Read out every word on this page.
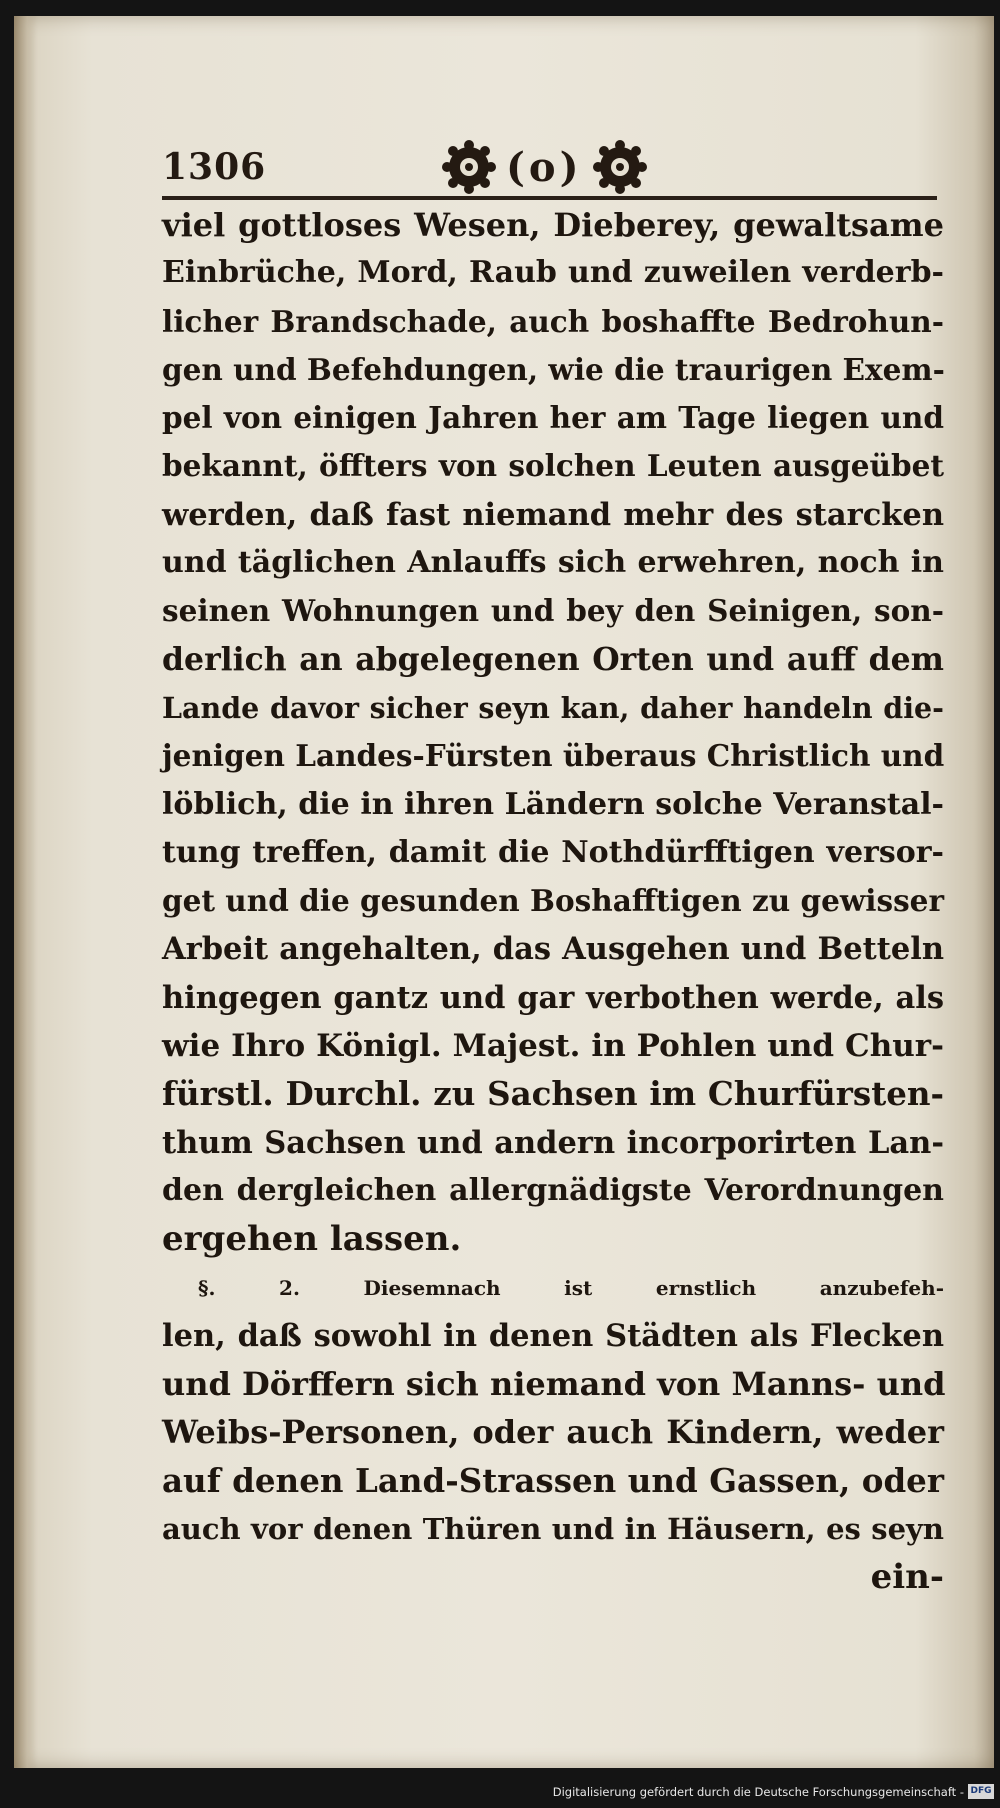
1306	(o)
viel gottloses Wesen, Dieberey, gewaltsame
Einbrüche, Mord, Raub und zuweilen verderb-
licher Brandschade, auch boshaffte Bedrohun-
gen und Befehdungen, wie die traurigen Exem-
pel von einigen Jahren her am Tage liegen und
bekannt, öffters von solchen Leuten ausgeübet
werden, daß fast niemand mehr des starcken
und täglichen Anlauffs sich erwehren, noch in
seinen Wohnungen und bey den Seinigen, son-
derlich an abgelegenen Orten und auff dem
Lande davor sicher seyn kan, daher handeln die-
jenigen Landes-Fürsten überaus Christlich und
löblich, die in ihren Ländern solche Veranstal-
tung treffen, damit die Nothdürfftigen versor-
get und die gesunden Boshafftigen zu gewisser
Arbeit angehalten, das Ausgehen und Betteln
hingegen gantz und gar verbothen werde, als
wie Ihro Königl. Majest. in Pohlen und Chur-
fürstl. Durchl. zu Sachsen im Churfürsten-
thum Sachsen und andern incorporirten Lan-
den dergleichen allergnädigste Verordnungen
ergehen lassen.
§. 2. Diesemnach ist ernstlich anzubefeh-
len, daß sowohl in denen Städten als Flecken
und Dörffern sich niemand von Manns- und
Weibs-Personen, oder auch Kindern, weder
auf denen Land-Strassen und Gassen, oder
auch vor denen Thüren und in Häusern, es seyn
ein-
Digitalisierung gefördert durch die Deutsche Forschungsgemeinschaft - DFG
